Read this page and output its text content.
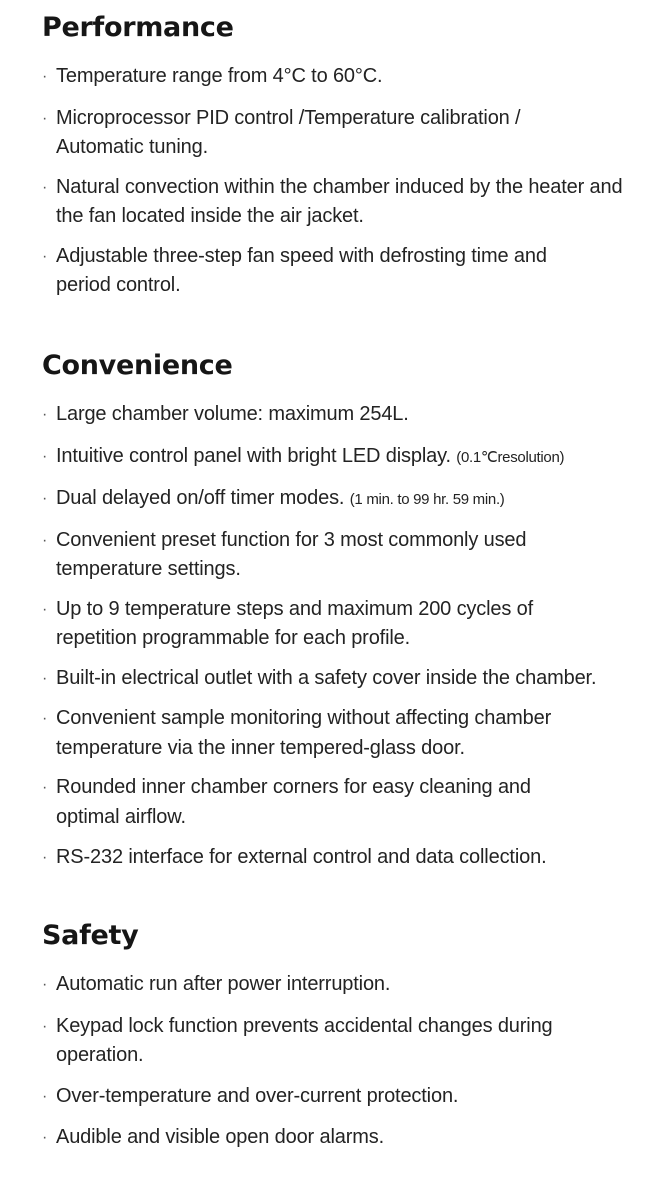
Performance
· Temperature range from 4°C to 60°C.
· Microprocessor PID control /Temperature calibration / Automatic tuning.
· Natural convection within the chamber induced by the heater and the fan located inside the air jacket.
· Adjustable three-step fan speed with defrosting time and period control.
Convenience
· Large chamber volume: maximum 254L.
· Intuitive control panel with bright LED display. (0.1℃resolution)
· Dual delayed on/off timer modes. (1 min. to 99 hr. 59 min.)
· Convenient preset function for 3 most commonly used temperature settings.
· Up to 9 temperature steps and maximum 200 cycles of repetition programmable for each profile.
· Built-in electrical outlet with a safety cover inside the chamber.
· Convenient sample monitoring without affecting chamber temperature via the inner tempered-glass door.
· Rounded inner chamber corners for easy cleaning and optimal airflow.
· RS-232 interface for external control and data collection.
Safety
· Automatic run after power interruption.
· Keypad lock function prevents accidental changes during operation.
· Over-temperature and over-current protection.
· Audible and visible open door alarms.
